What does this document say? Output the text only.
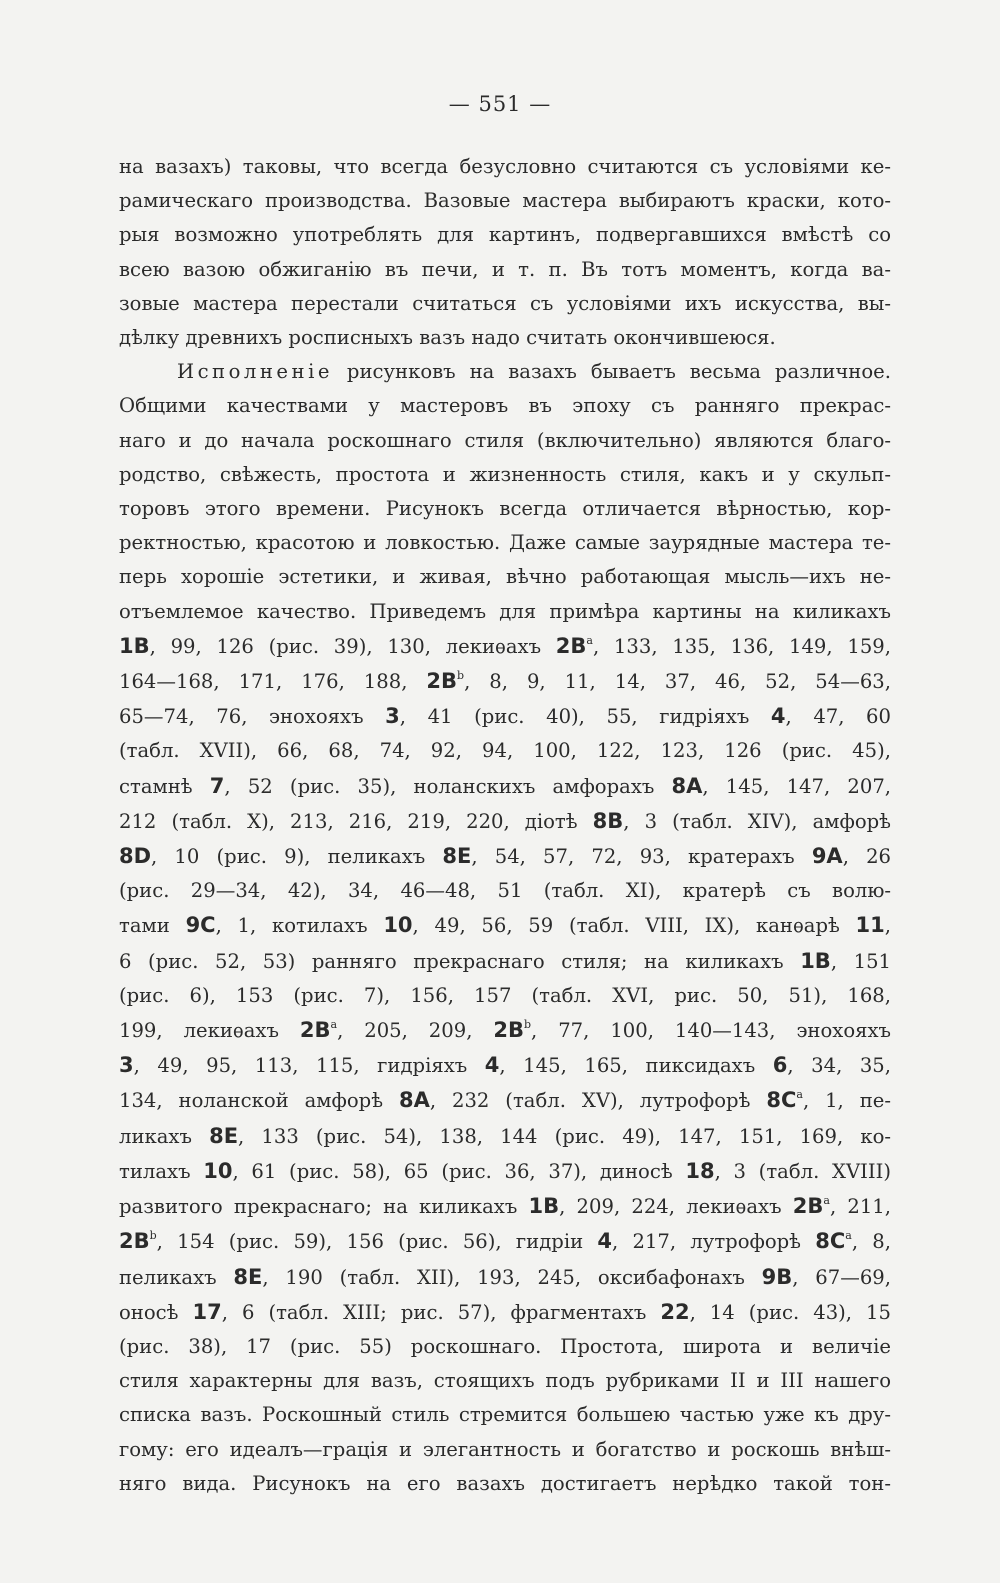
— 551 —
на вазахъ) таковы, что всегда безусловно считаются съ условіями ке-
рамическаго производства. Вазовые мастера выбираютъ краски, кото-
рыя возможно употреблять для картинъ, подвергавшихся вмѣстѣ со
всею вазою обжиганію въ печи, и т. п. Въ тотъ моментъ, когда ва-
зовые мастера перестали считаться съ условіями ихъ искусства, вы-
дѣлку древнихъ росписныхъ вазъ надо считать окончившеюся.
Исполненіе рисунковъ на вазахъ бываетъ весьма различное.
Общими качествами у мастеровъ въ эпоху съ ранняго прекрас-
наго и до начала роскошнаго стиля (включительно) являются благо-
родство, свѣжесть, простота и жизненность стиля, какъ и у скульп-
торовъ этого времени. Рисунокъ всегда отличается вѣрностью, кор-
ректностью, красотою и ловкостью. Даже самые заурядные мастера те-
перь хорошіе эстетики, и живая, вѣчно работающая мысль—ихъ не-
отъемлемое качество. Приведемъ для примѣра картины на киликахъ
1B, 99, 126 (рис. 39), 130, лекиѳахъ $2B^a$, 133, 135, 136, 149, 159,
164—168, 171, 176, 188, $2B^b$, 8, 9, 11, 14, 37, 46, 52, 54—63,
65—74, 76, энохояхъ 3, 41 (рис. 40), 55, гидріяхъ 4, 47, 60
(табл. XVII), 66, 68, 74, 92, 94, 100, 122, 123, 126 (рис. 45),
стамнѣ 7, 52 (рис. 35), ноланскихъ амфорахъ 8A, 145, 147, 207,
212 (табл. X), 213, 216, 219, 220, діотѣ 8B, 3 (табл. XIV), амфорѣ
8D, 10 (рис. 9), пеликахъ 8E, 54, 57, 72, 93, кратерахъ 9A, 26
(рис. 29—34, 42), 34, 46—48, 51 (табл. XI), кратерѣ съ волю-
тами 9C, 1, котилахъ 10, 49, 56, 59 (табл. VIII, IX), канѳарѣ 11,
6 (рис. 52, 53) ранняго прекраснаго стиля; на киликахъ 1B, 151
(рис. 6), 153 (рис. 7), 156, 157 (табл. XVI, рис. 50, 51), 168,
199, лекиѳахъ $2B^a$, 205, 209, $2B^b$, 77, 100, 140—143, энохояхъ
3, 49, 95, 113, 115, гидріяхъ 4, 145, 165, пиксидахъ 6, 34, 35,
134, ноланской амфорѣ 8A, 232 (табл. XV), лутрофорѣ $8C^a$, 1, пе-
ликахъ 8E, 133 (рис. 54), 138, 144 (рис. 49), 147, 151, 169, ко-
тилахъ 10, 61 (рис. 58), 65 (рис. 36, 37), диносѣ 18, 3 (табл. XVIII)
развитого прекраснаго; на киликахъ 1B, 209, 224, лекиѳахъ $2B^a$, 211,
$2B^b$, 154 (рис. 59), 156 (рис. 56), гидріи 4, 217, лутрофорѣ $8C^a$, 8,
пеликахъ 8E, 190 (табл. XII), 193, 245, оксибафонахъ 9B, 67—69,
оносѣ 17, 6 (табл. XIII; рис. 57), фрагментахъ 22, 14 (рис. 43), 15
(рис. 38), 17 (рис. 55) роскошнаго. Простота, широта и величіе
стиля характерны для вазъ, стоящихъ подъ рубриками II и III нашего
списка вазъ. Роскошный стиль стремится большею частью уже къ дру-
гому: его идеалъ—грація и элегантность и богатство и роскошь внѣш-
няго вида. Рисунокъ на его вазахъ достигаетъ нерѣдко такой тон-
